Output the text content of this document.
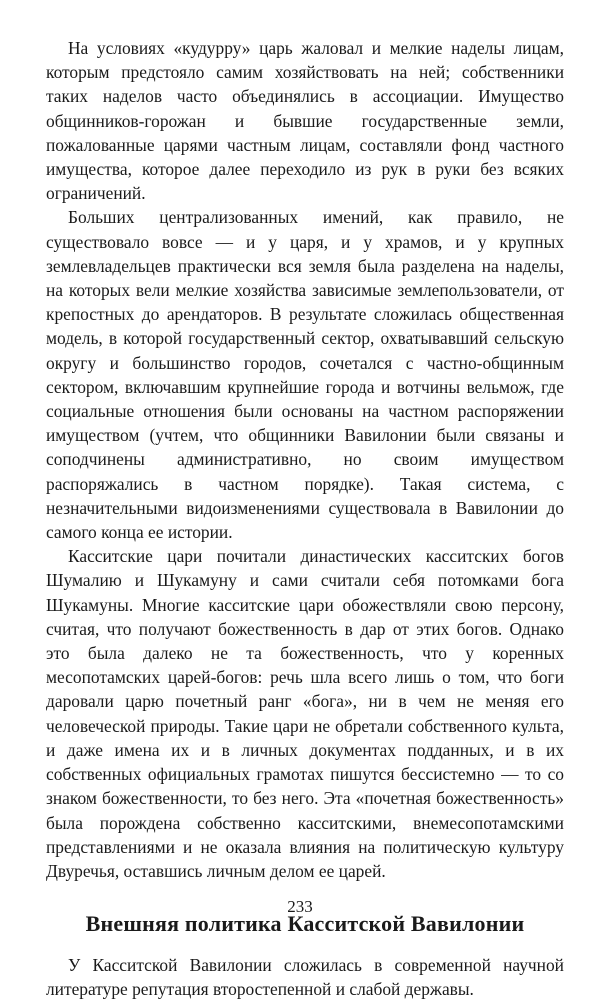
На условиях «кудурру» царь жаловал и мелкие наделы лицам, которым предстояло самим хозяйствовать на ней; собственники таких наделов часто объединялись в ассоциации. Имущество общинников-горожан и бывшие государственные земли, пожалованные царями частным лицам, составляли фонд частного имущества, которое далее переходило из рук в руки без всяких ограничений.

Больших централизованных имений, как правило, не существовало вовсе — и у царя, и у храмов, и у крупных землевладельцев практически вся земля была разделена на наделы, на которых вели мелкие хозяйства зависимые землепользователи, от крепостных до арендаторов. В результате сложилась общественная модель, в которой государственный сектор, охватывавший сельскую округу и большинство городов, сочетался с частно-общинным сектором, включавшим крупнейшие города и вотчины вельмож, где социальные отношения были основаны на частном распоряжении имуществом (учтем, что общинники Вавилонии были связаны и соподчинены административно, но своим имуществом распоряжались в частном порядке). Такая система, с незначительными видоизменениями существовала в Вавилонии до самого конца ее истории.

Касситские цари почитали династических касситских богов Шумалию и Шукамуну и сами считали себя потомками бога Шукамуны. Многие касситские цари обожествляли свою персону, считая, что получают божественность в дар от этих богов. Однако это была далеко не та божественность, что у коренных месопотамских царей-богов: речь шла всего лишь о том, что боги даровали царю почетный ранг «бога», ни в чем не меняя его человеческой природы. Такие цари не обретали собственного культа, и даже имена их и в личных документах подданных, и в их собственных официальных грамотах пишутся бессистемно — то со знаком божественности, то без него. Эта «почетная божественность» была порождена собственно касситскими, внемесопотамскими представлениями и не оказала влияния на политическую культуру Двуречья, оставшись личным делом ее царей.

Внешняя политика Касситской Вавилонии

У Касситской Вавилонии сложилась в современной научной литературе репутация второстепенной и слабой державы.

233
